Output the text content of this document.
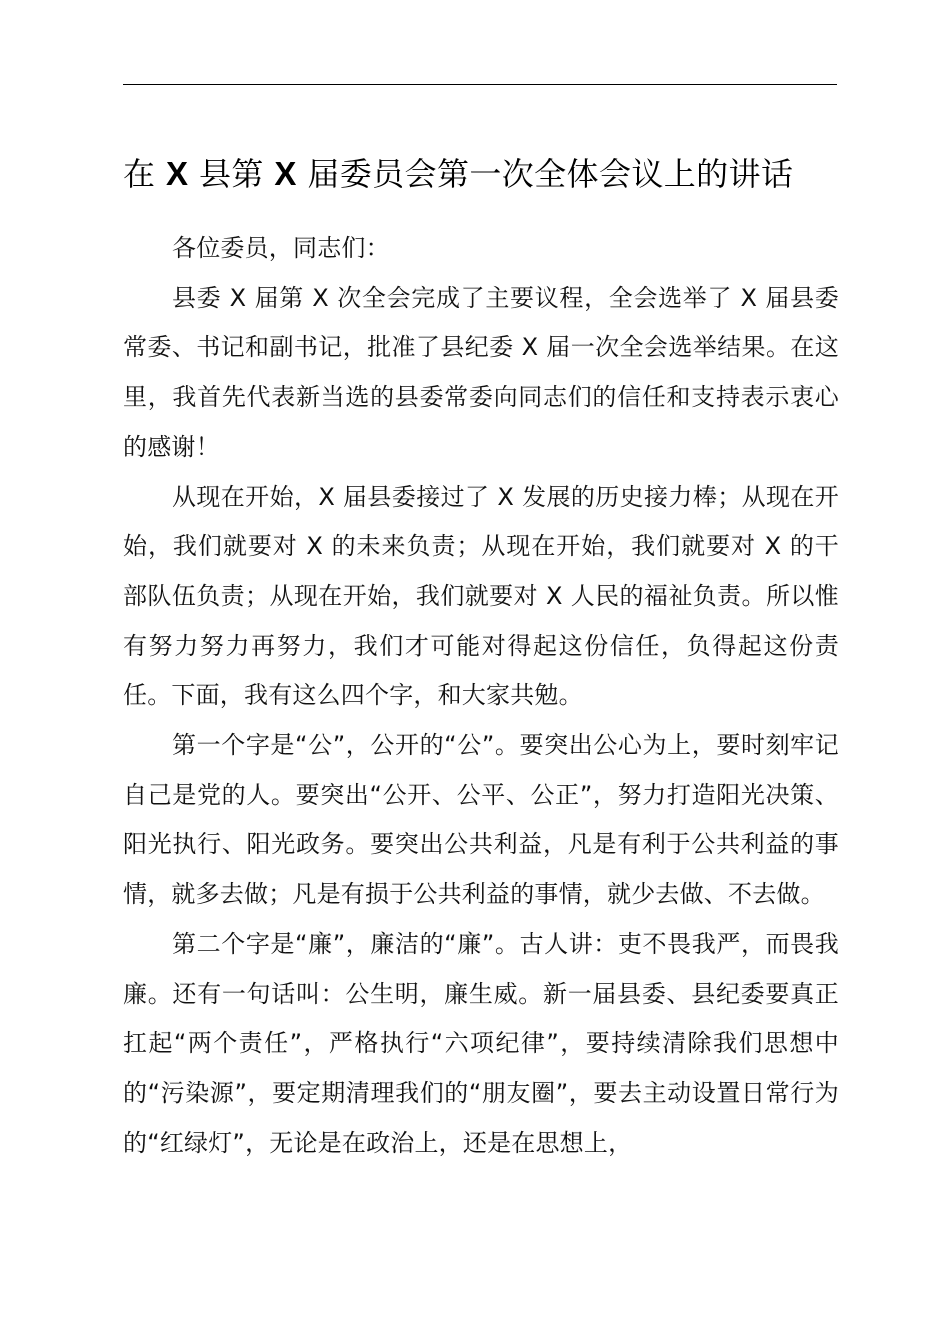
在 X 县第 X 届委员会第一次全体会议上的讲话

各位委员，同志们：

县委 X 届第 X 次全会完成了主要议程，全会选举了 X 届县委常委、书记和副书记，批准了县纪委 X 届一次全会选举结果。在这里，我首先代表新当选的县委常委向同志们的信任和支持表示衷心的感谢！

从现在开始，X 届县委接过了 X 发展的历史接力棒；从现在开始，我们就要对 X 的未来负责；从现在开始，我们就要对 X 的干部队伍负责；从现在开始，我们就要对 X 人民的福祉负责。所以惟有努力努力再努力，我们才可能对得起这份信任，负得起这份责任。下面，我有这么四个字，和大家共勉。

第一个字是“公”，公开的“公”。要突出公心为上，要时刻牢记自己是党的人。要突出“公开、公平、公正”，努力打造阳光决策、阳光执行、阳光政务。要突出公共利益，凡是有利于公共利益的事情，就多去做；凡是有损于公共利益的事情，就少去做、不去做。

第二个字是“廉”，廉洁的“廉”。古人讲：吏不畏我严，而畏我廉。还有一句话叫：公生明，廉生威。新一届县委、县纪委要真正扛起“两个责任”，严格执行“六项纪律”，要持续清除我们思想中的“污染源”，要定期清理我们的“朋友圈”，要去主动设置日常行为的“红绿灯”，无论是在政治上，还是在思想上，
